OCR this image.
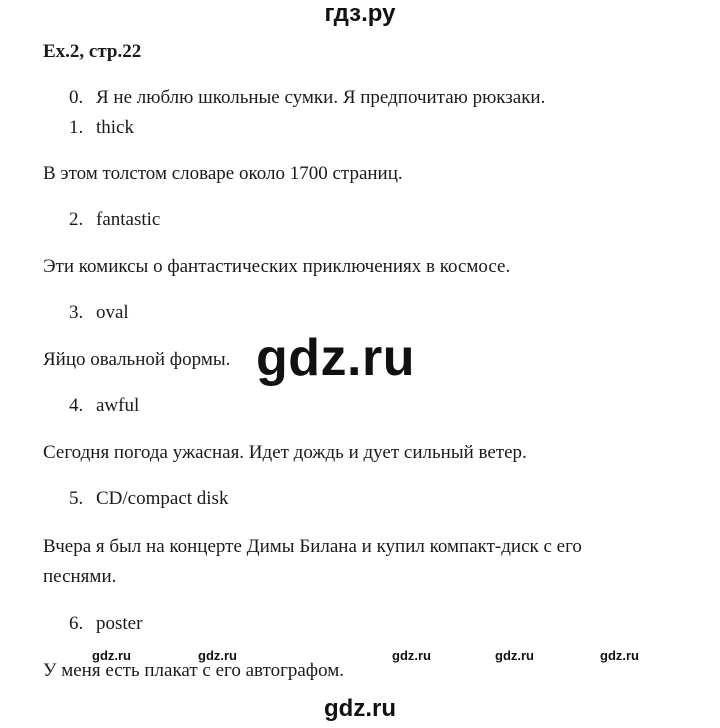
гдз.ру
Ex.2, стр.22
0. Я не люблю школьные сумки. Я предпочитаю рюкзаки.
1. thick
В этом толстом словаре около 1700 страниц.
2. fantastic
Эти комиксы о фантастических приключениях в космосе.
3. oval
Яйцо овальной формы.
4. awful
Сегодня погода ужасная. Идет дождь и дует сильный ветер.
5. CD/compact disk
Вчера я был на концерте Димы Билана и купил компакт-диск с его
песнями.
6. poster
У меня есть плакат с его автографом.
gdz.ru
gdz.ru	gdz.ru	gdz.ru	gdz.ru	gdz.ru
gdz.ru
